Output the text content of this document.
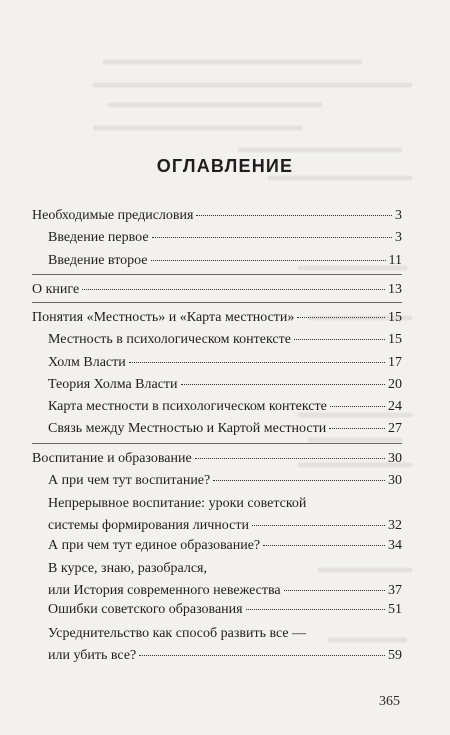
ОГЛАВЛЕНИЕ
Необходимые предисловия	3
Введение первое	3
Введение второе	11
О книге	13
Понятия «Местность» и «Карта местности»	15
Местность в психологическом контексте	15
Холм Власти	17
Теория Холма Власти	20
Карта местности в психологическом контексте	24
Связь между Местностью и Картой местности	27
Воспитание и образование	30
А при чем тут воспитание?	30
Непрерывное воспитание: уроки советской
системы формирования личности	32
А при чем тут единое образование?	34
В курсе, знаю, разобрался,
или История современного невежества	37
Ошибки советского образования	51
Усреднительство как способ развить все —
или убить все?	59
365
